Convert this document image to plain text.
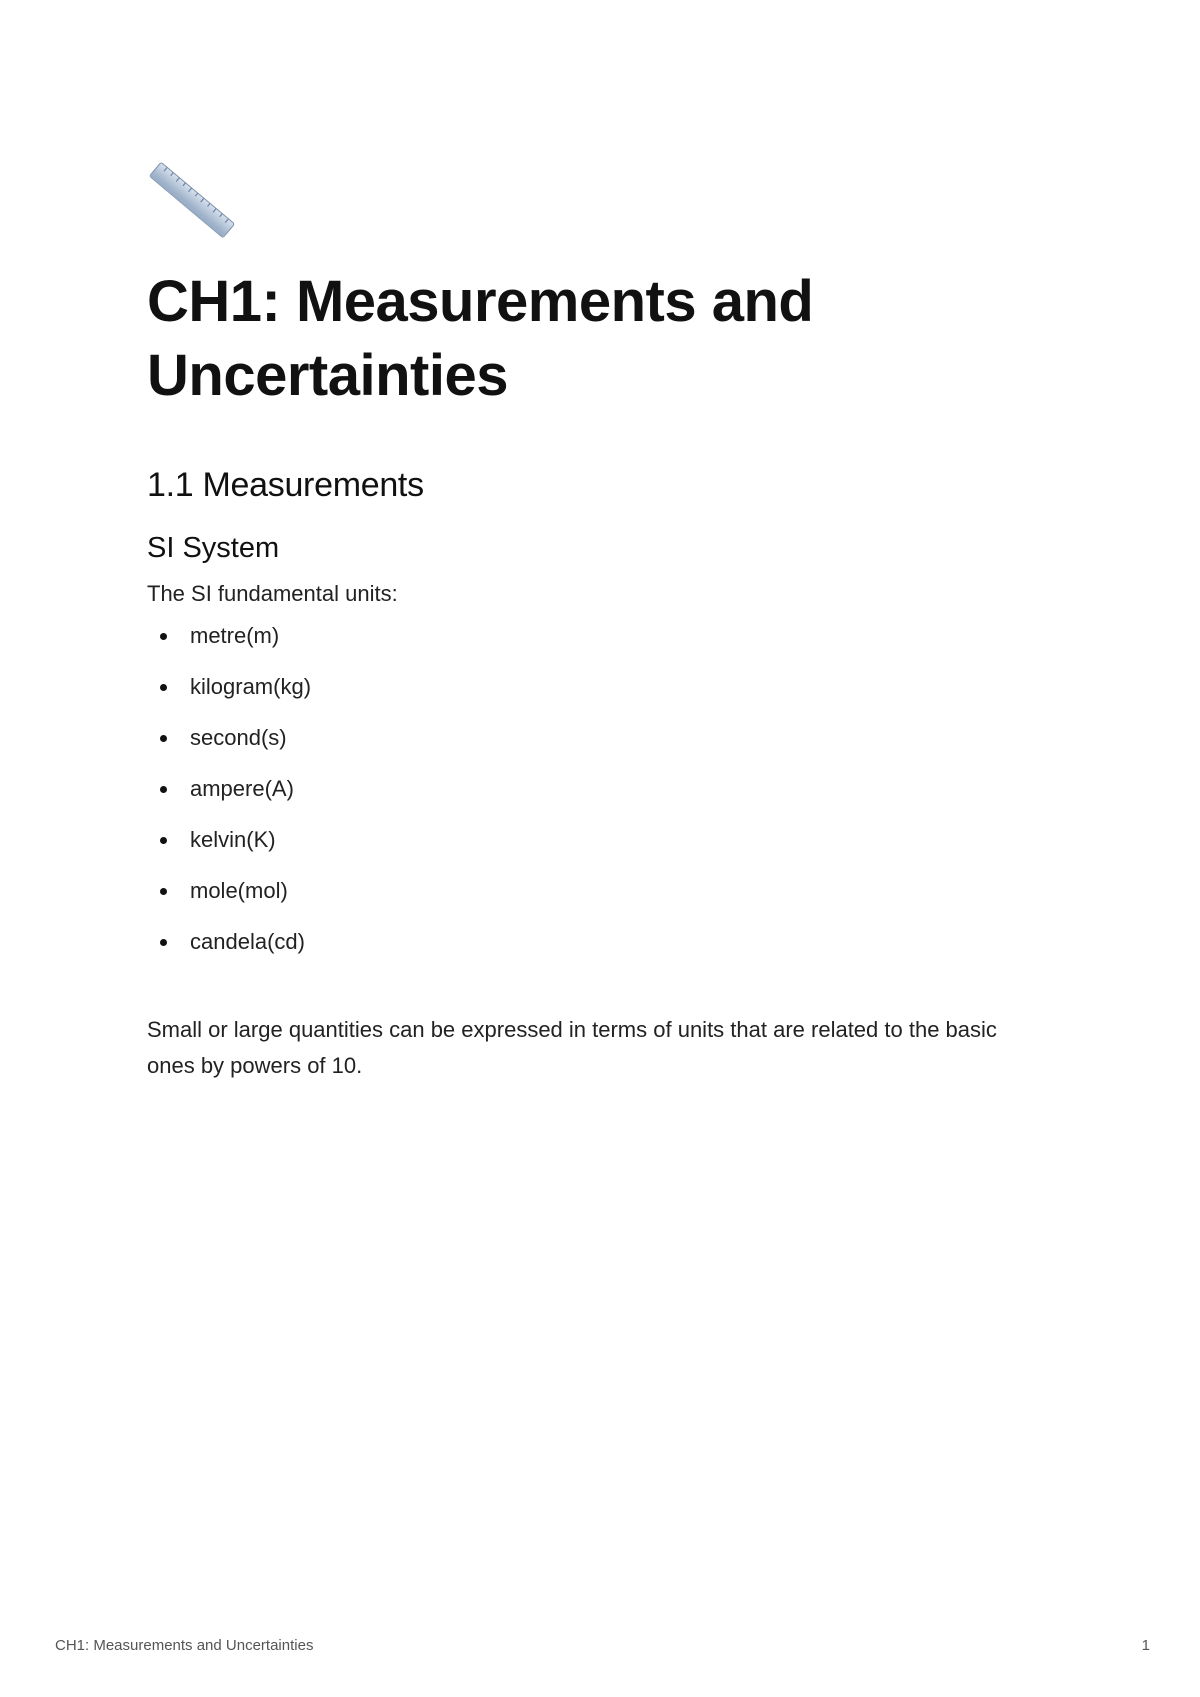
CH1: Measurements and Uncertainties
1.1 Measurements
SI System

The SI fundamental units:

metre(m)
kilogram(kg)
second(s)
ampere(A)
kelvin(K)
mole(mol)
candela(cd)

Small or large quantities can be expressed in terms of units that are related to the basic ones by powers of 10.

CH1: Measurements and Uncertainties	1
